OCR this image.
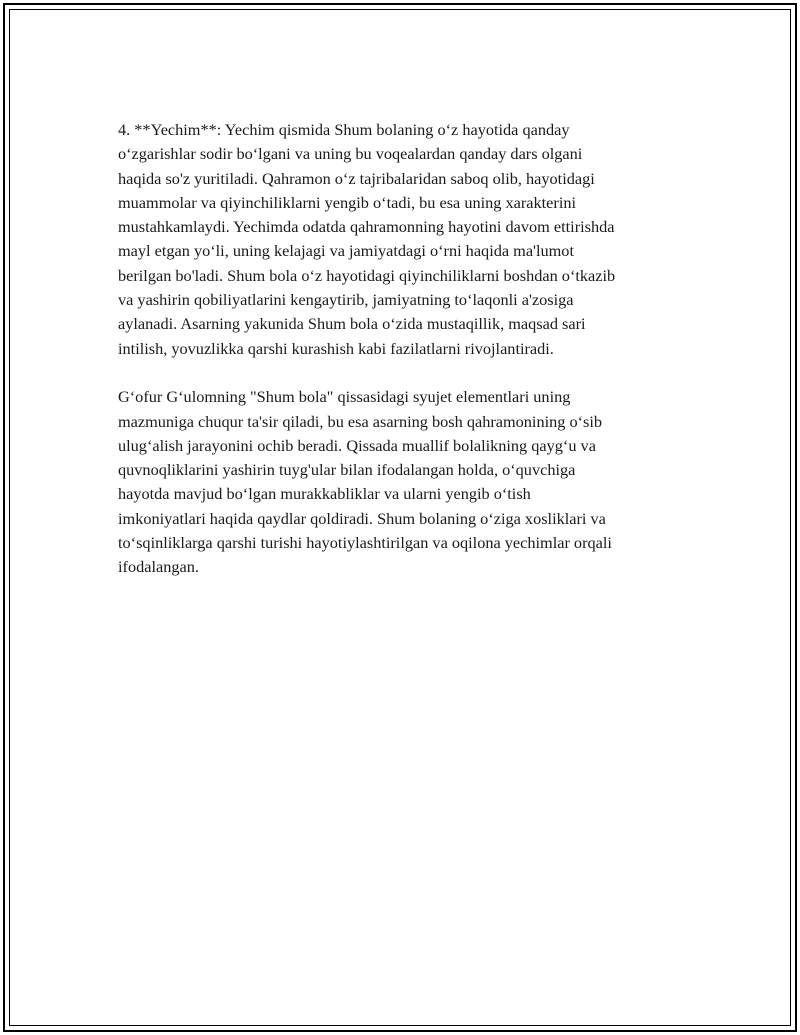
4. **Yechim**: Yechim qismida Shum bolaning oʻz hayotida qanday
oʻzgarishlar sodir boʻlgani va uning bu voqealardan qanday dars olgani
haqida so'z yuritiladi. Qahramon oʻz tajribalaridan saboq olib, hayotidagi
muammolar va qiyinchiliklarni yengib oʻtadi, bu esa uning xarakterini
mustahkamlaydi. Yechimda odatda qahramonning hayotini davom ettirishda
mayl etgan yoʻli, uning kelajagi va jamiyatdagi oʻrni haqida ma'lumot
berilgan bo'ladi. Shum bola oʻz hayotidagi qiyinchiliklarni boshdan oʻtkazib
va yashirin qobiliyatlarini kengaytirib, jamiyatning toʻlaqonli a'zosiga
aylanadi. Asarning yakunida Shum bola oʻzida mustaqillik, maqsad sari
intilish, yovuzlikka qarshi kurashish kabi fazilatlarni rivojlantiradi.

Gʻofur Gʻulomning "Shum bola" qissasidagi syujet elementlari uning
mazmuniga chuqur ta'sir qiladi, bu esa asarning bosh qahramonining oʻsib
ulugʻalish jarayonini ochib beradi. Qissada muallif bolalikning qaygʻu va
quvnoqliklarini yashirin tuyg'ular bilan ifodalangan holda, oʻquvchiga
hayotda mavjud boʻlgan murakkabliklar va ularni yengib oʻtish
imkoniyatlari haqida qaydlar qoldiradi. Shum bolaning oʻziga xosliklari va
toʻsqinliklarga qarshi turishi hayotiylashtirilgan va oqilona yechimlar orqali
ifodalangan.
